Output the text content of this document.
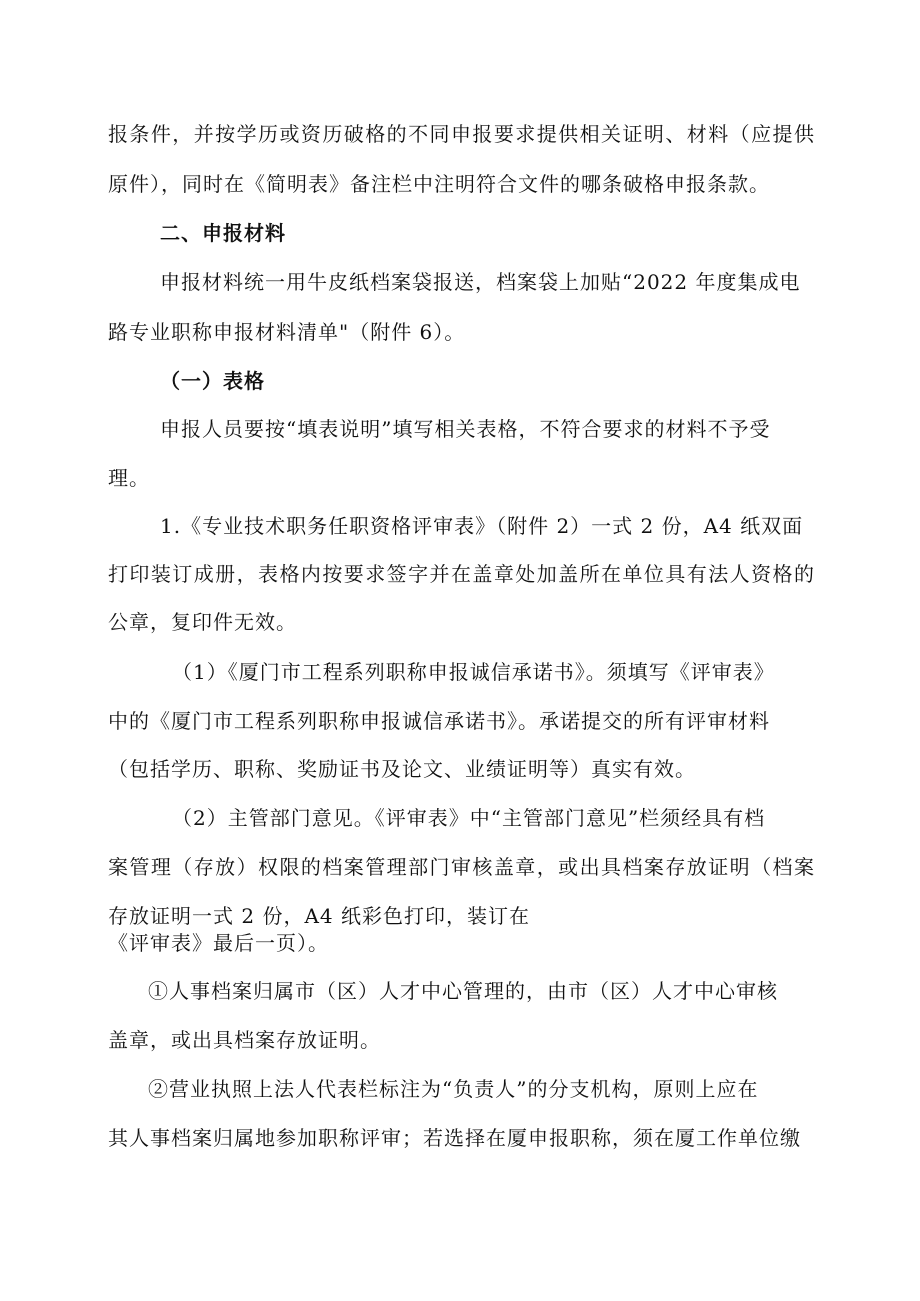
报条件，并按学历或资历破格的不同申报要求提供相关证明、材料（应提供
原件），同时在《简明表》备注栏中注明符合文件的哪条破格申报条款。
二、申报材料
申报材料统一用牛皮纸档案袋报送，档案袋上加贴“2022 年度集成电
路专业职称申报材料清单"（附件 6）。
（一）表格
申报人员要按“填表说明”填写相关表格，不符合要求的材料不予受
理。
1.《专业技术职务任职资格评审表》（附件 2）一式 2 份，A4 纸双面
打印装订成册，表格内按要求签字并在盖章处加盖所在单位具有法人资格的
公章，复印件无效。
（1）《厦门市工程系列职称申报诚信承诺书》。须填写《评审表》
中的《厦门市工程系列职称申报诚信承诺书》。承诺提交的所有评审材料
（包括学历、职称、奖励证书及论文、业绩证明等）真实有效。
（2）主管部门意见。《评审表》中“主管部门意见”栏须经具有档
案管理（存放）权限的档案管理部门审核盖章，或出具档案存放证明（档案
存放证明一式 2 份，A4 纸彩色打印，装订在
《评审表》最后一页）。
①人事档案归属市（区）人才中心管理的，由市（区）人才中心审核
盖章，或出具档案存放证明。
②营业执照上法人代表栏标注为“负责人”的分支机构，原则上应在
其人事档案归属地参加职称评审；若选择在厦申报职称，须在厦工作单位缴
